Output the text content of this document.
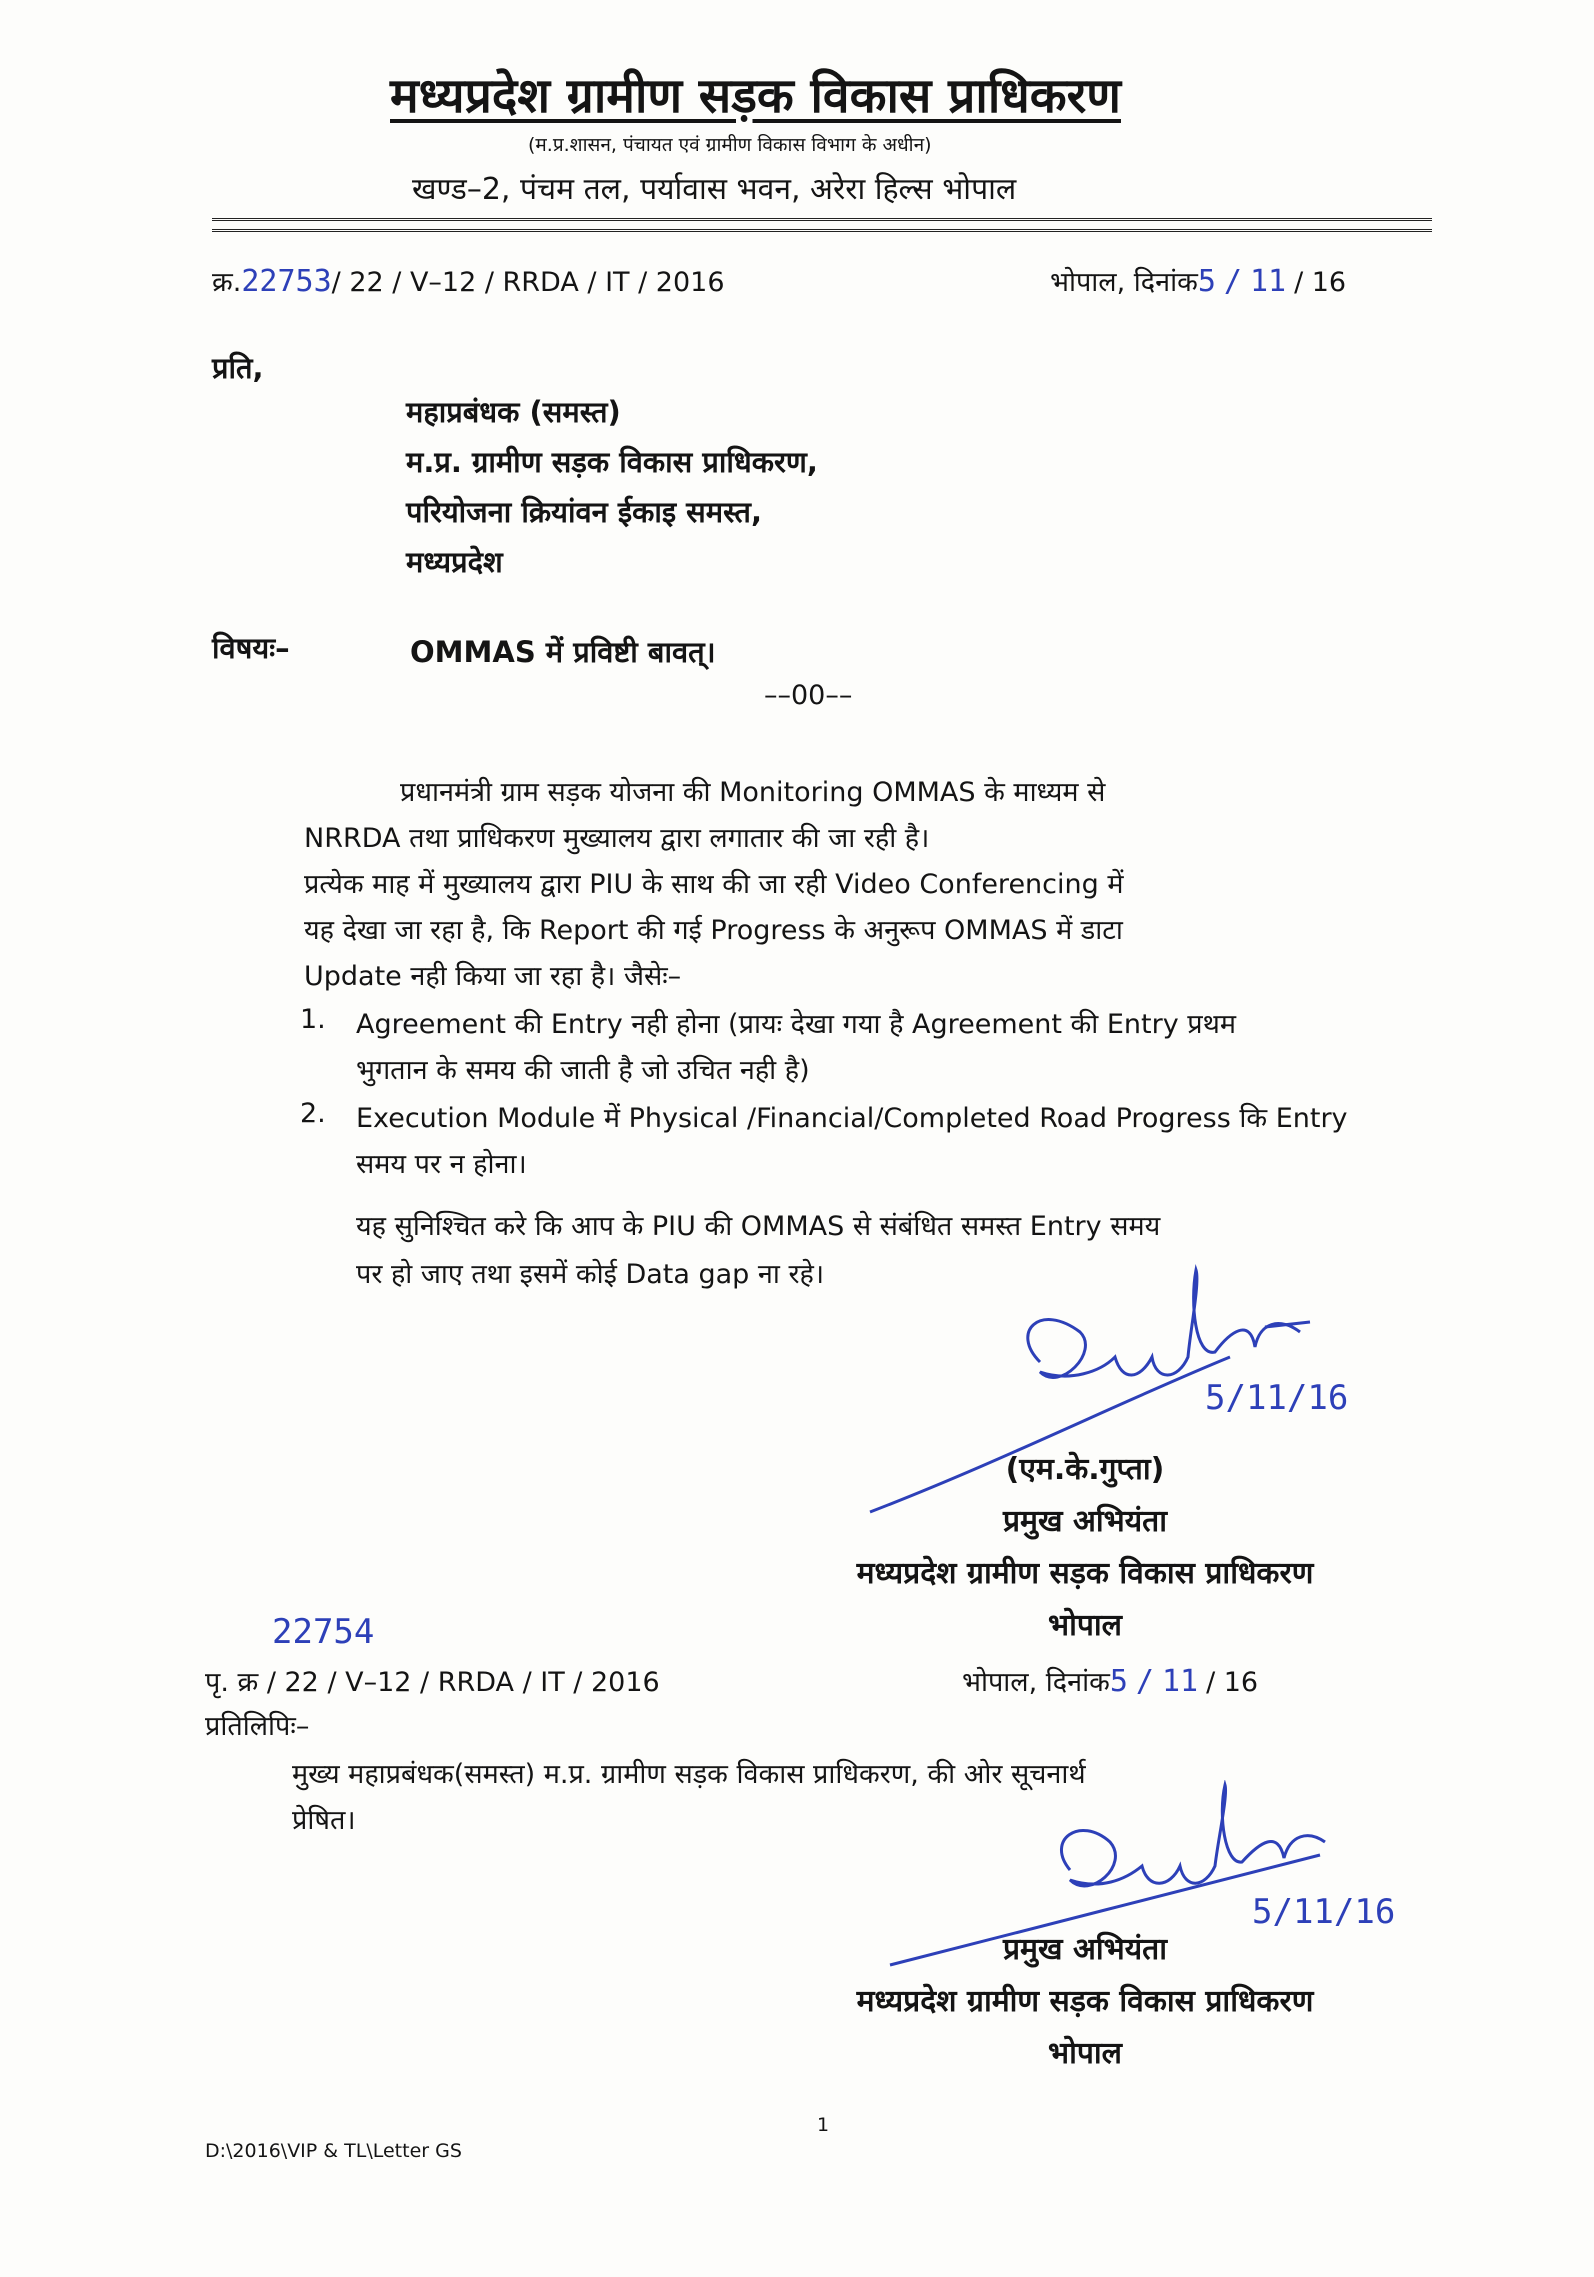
मध्यप्रदेश ग्रामीण सड़क विकास प्राधिकरण
(म.प्र.शासन, पंचायत एवं ग्रामीण विकास विभाग के अधीन)
खण्ड–2, पंचम तल, पर्यावास भवन, अरेरा हिल्स भोपाल
क्र.22753/ 22 / V–12 / RRDA / IT / 2016	भोपाल, दिनांक5 / 11 / 16
प्रति,
महाप्रबंधक (समस्त)
म.प्र. ग्रामीण सड़क विकास प्राधिकरण,
परियोजना क्रियांवन ईकाइ समस्त,
मध्यप्रदेश
विषयः–	OMMAS में प्रविष्टी बावत्।
––00––
प्रधानमंत्री ग्राम सड़क योजना की Monitoring OMMAS के माध्यम से
NRRDA तथा प्राधिकरण मुख्यालय द्वारा लगातार की जा रही है।
प्रत्येक माह में मुख्यालय द्वारा PIU के साथ की जा रही Video Conferencing में
यह देखा जा रहा है, कि Report की गई Progress के अनुरूप OMMAS में डाटा
Update नही किया जा रहा है। जैसेः–
1. Agreement की Entry नही होना (प्रायः देखा गया है Agreement की Entry प्रथम
भुगतान के समय की जाती है जो उचित नही है)
2. Execution Module में Physical /Financial/Completed Road Progress कि Entry
समय पर न होना।
यह सुनिश्चित करे कि आप के PIU की OMMAS से संबंधित समस्त Entry समय
पर हो जाए तथा इसमें कोई Data gap ना रहे।
5/11/16
(एम.के.गुप्ता)
प्रमुख अभियंता
मध्यप्रदेश ग्रामीण सड़क विकास प्राधिकरण
भोपाल
22754
पृ. क्र / 22 / V–12 / RRDA / IT / 2016	भोपाल, दिनांक5 / 11 / 16
प्रतिलिपिः–
मुख्य महाप्रबंधक(समस्त) म.प्र. ग्रामीण सड़क विकास प्राधिकरण, की ओर सूचनार्थ
प्रेषित।
5/11/16
प्रमुख अभियंता
मध्यप्रदेश ग्रामीण सड़क विकास प्राधिकरण
भोपाल
1
D:\2016\VIP & TL\Letter GS
